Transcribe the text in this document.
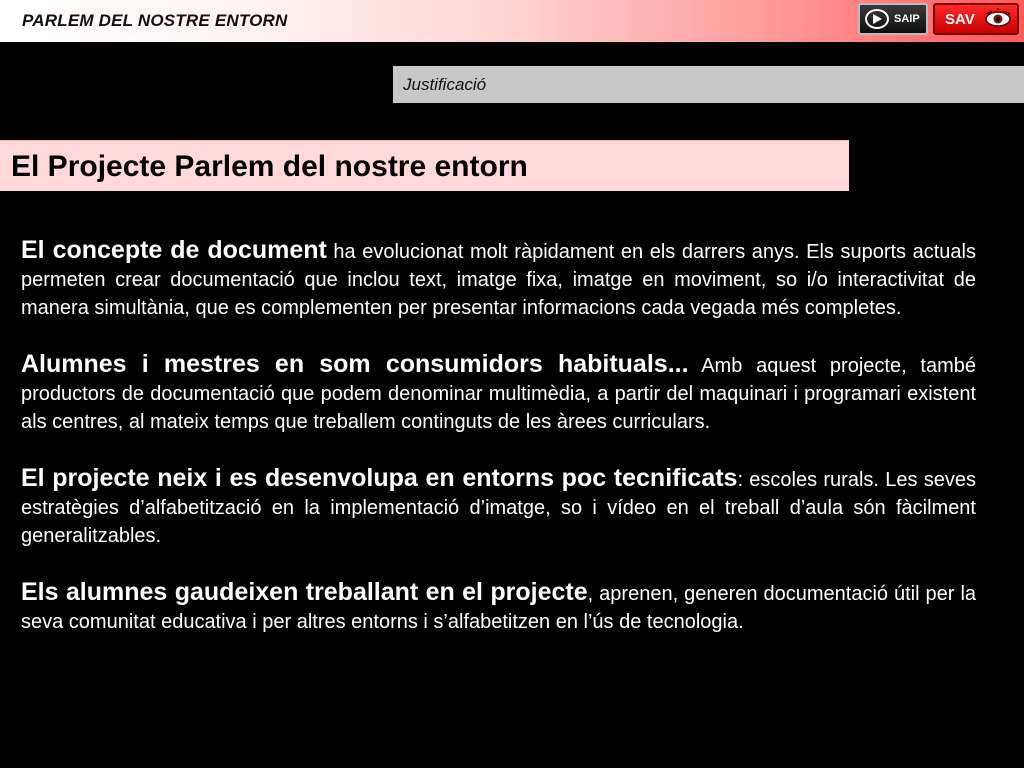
PARLEM DEL NOSTRE ENTORN	SAIP SAV
Justificació
El Projecte Parlem del nostre entorn

El concepte de document ha evolucionat molt ràpidament en els darrers anys. Els suports actuals permeten crear documentació que inclou text, imatge fixa, imatge en moviment, so i/o interactivitat de manera simultània, que es complementen per presentar informacions cada vegada més completes.

Alumnes i mestres en som consumidors habituals... Amb aquest projecte, també productors de documentació que podem denominar multimèdia, a partir del maquinari i programari existent als centres, al mateix temps que treballem continguts de les àrees curriculars.

El projecte neix i es desenvolupa en entorns poc tecnificats: escoles rurals. Les seves estratègies d’alfabetització en la implementació d’imatge, so i vídeo en el treball d’aula són fàcilment generalitzables.

Els alumnes gaudeixen treballant en el projecte, aprenen, generen documentació útil per la seva comunitat educativa i per altres entorns i s’alfabetitzen en l’ús de tecnologia.
